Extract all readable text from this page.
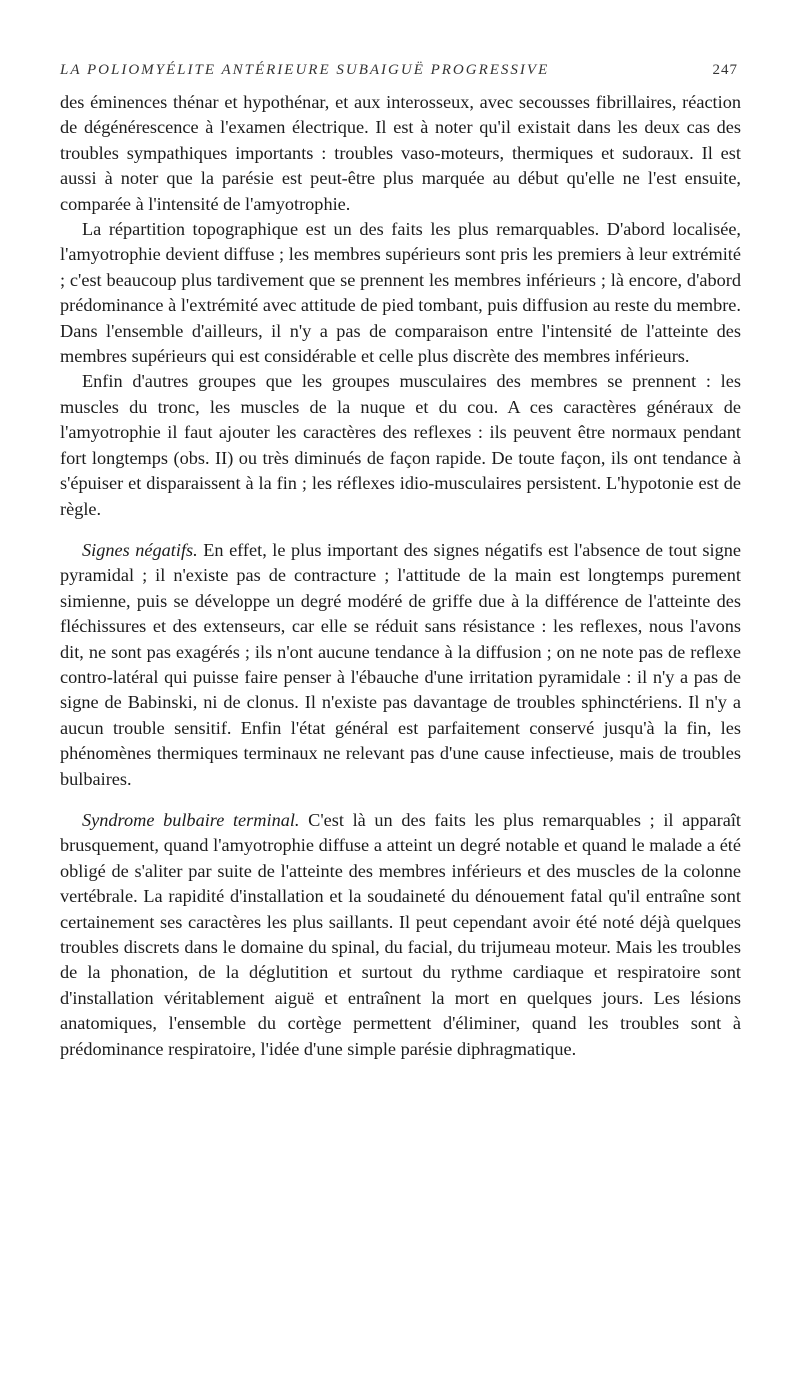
LA POLIOMYÉLITE ANTÉRIEURE SUBAIGUË PROGRESSIVE	247

des éminences thénar et hypothénar, et aux interosseux, avec secousses fibrillaires, réaction de dégénérescence à l'examen électrique. Il est à noter qu'il existait dans les deux cas des troubles sympathiques importants : troubles vaso-moteurs, thermiques et sudoraux. Il est aussi à noter que la parésie est peut-être plus marquée au début qu'elle ne l'est ensuite, comparée à l'intensité de l'amyotrophie.

La répartition topographique est un des faits les plus remarquables. D'abord localisée, l'amyotrophie devient diffuse ; les membres supérieurs sont pris les premiers à leur extrémité ; c'est beaucoup plus tardivement que se prennent les membres inférieurs ; là encore, d'abord prédominance à l'extrémité avec attitude de pied tombant, puis diffusion au reste du membre. Dans l'ensemble d'ailleurs, il n'y a pas de comparaison entre l'intensité de l'atteinte des membres supérieurs qui est considérable et celle plus discrète des membres inférieurs.

Enfin d'autres groupes que les groupes musculaires des membres se prennent : les muscles du tronc, les muscles de la nuque et du cou. A ces caractères généraux de l'amyotrophie il faut ajouter les caractères des reflexes : ils peuvent être normaux pendant fort longtemps (obs. II) ou très diminués de façon rapide. De toute façon, ils ont tendance à s'épuiser et disparaissent à la fin ; les réflexes idio-musculaires persistent. L'hypotonie est de règle.

Signes négatifs. En effet, le plus important des signes négatifs est l'absence de tout signe pyramidal ; il n'existe pas de contracture ; l'attitude de la main est longtemps purement simienne, puis se développe un degré modéré de griffe due à la différence de l'atteinte des fléchissures et des extenseurs, car elle se réduit sans résistance : les reflexes, nous l'avons dit, ne sont pas exagérés ; ils n'ont aucune tendance à la diffusion ; on ne note pas de reflexe contro-latéral qui puisse faire penser à l'ébauche d'une irritation pyramidale : il n'y a pas de signe de Babinski, ni de clonus. Il n'existe pas davantage de troubles sphinctériens. Il n'y a aucun trouble sensitif. Enfin l'état général est parfaitement conservé jusqu'à la fin, les phénomènes thermiques terminaux ne relevant pas d'une cause infectieuse, mais de troubles bulbaires.

Syndrome bulbaire terminal. C'est là un des faits les plus remarquables ; il apparaît brusquement, quand l'amyotrophie diffuse a atteint un degré notable et quand le malade a été obligé de s'aliter par suite de l'atteinte des membres inférieurs et des muscles de la colonne vertébrale. La rapidité d'installation et la soudaineté du dénouement fatal qu'il entraîne sont certainement ses caractères les plus saillants. Il peut cependant avoir été noté déjà quelques troubles discrets dans le domaine du spinal, du facial, du trijumeau moteur. Mais les troubles de la phonation, de la déglutition et surtout du rythme cardiaque et respiratoire sont d'installation véritablement aiguë et entraînent la mort en quelques jours. Les lésions anatomiques, l'ensemble du cortège permettent d'éliminer, quand les troubles sont à prédominance respiratoire, l'idée d'une simple parésie diphragmatique.
